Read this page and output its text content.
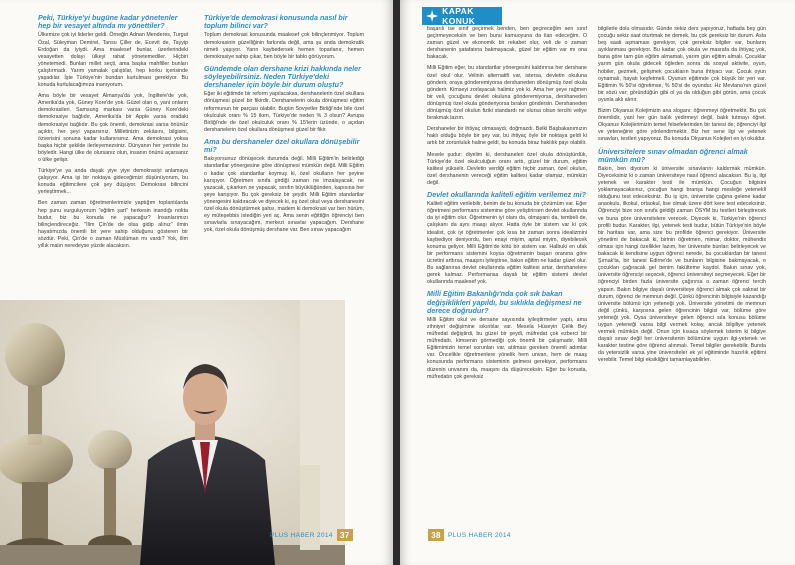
Peki, Türkiye'yi bugüne kadar yönetenler hep bir vesayet altında mı yönettiler?

Ülkemize çok iyi liderler geldi. Örneğin Adnan Menderes, Turgut Özal, Süleyman Demirel, Tansu Çiller de, Ecevit de, Tayyip Erdoğan da iyiydi. Ama maalesef bunlar, üzerlerindeki vesayetten dolayı ülkeyi rahat yönetemediler. Hiçbiri yönetemedi. Bunları millet seçti, ama başka mahfiller bunları çalıştırmadı. Yarım yamalak çalıştılar, hep korku içerisinde yaşadılar. İşte Türkiye'nin bundan kurtulması gerekiyor. Bu konuda kurtulacağımıza inanıyorum.

Ama böyle bir vesayet Almanya'da yok, İngiltere'de yok, Amerika'da yok, Güney Kore'de yok. Güzel olan o, yani onların demokrasileri. Samsung markası varsa Güney Kore'deki demokrasiye bağlıdır, Amerika'da bir Apple varsa oradaki demokrasiye bağlıdır. Bu çok önemli, demokrasi varsa önünüz açıktır, her şeyi yaparsınız. Milletinizin zekâsını, bilgisini, özverisini sonuna kadar kullanırsınız. Ama demokrasi yoksa başka hiçbir şekilde ilerleyemezsiniz. Dünyanın her yerinde bu böyledir. Hangi ülke de olursanız olun, insanın önünü açarsanız o ülke gelişir.

Türkiye'ye ya anda dayak yiye yiye demokrasiyi anlamaya çalışıyor. Ama işi bir noktaya gideceğimizi düşünüyorum, bu konuda eğitimcilere çok şey düşüyor. Demokrasi bilincini yerleştirmek...

Ben zaman zaman öğretmenlerimizle yaptığım toplantılarda hep şunu vurguluyorum "eğitim şart" herkesin inandığı nokta budur, biz bu konuda ne yapacağız? İnsanlarımızı bilinçlendireceğiz. "İlim Çin'de de olsa gidip alınız" ilmin hayatımızda önemli bir yere sahip olduğunu gösteren bir sözdür. Peki, Çin'de o zaman Müslüman mı vardı? Yok, ilim yıllık malın neredeyse yüzde alacaksın.

Türkiye'de demokrasi konusunda nasıl bir toplum bilinci var?

Toplum demokrasi konusunda maalesef çok bilinçlenmiyor. Toplum demokrasinin güzelliğinin farkında değil, ama şu anda demokratik nimeti yaşıyor. Yarın kaybedersek hemen toparlanır, hemen demokrasiye sahip çıkar, ben böyle bir tablo görüyorum.

Gündemde olan dershane krizi hakkında neler söyleyebilirsiniz. Neden Türkiye'deki dershaneler için böyle bir durum oluştu?

Eğer iki eğitimde bir reform yapılacaksa, dershanelerin özel okullara dönüşmesi güzel bir fikirdir. Dershanelerin okula dönüşmesi eğitim reformunun bir parçası olabilir. Bugün Sovyetler Birliği'nde bile özel okulculuk oranı % 15 iken, Türkiye'de neden % 3 olsun? Avrupa Birliği'nde de özel okulculuk oranı % 15'lerin üzünde, o açıdan dershanelerin özel okullara dönüşmesi güzel bir fikir.

Ama bu dershaneler özel okullara dönüşebilir mi?

Bakıyorsunuz dönüşecek durumda değil. Milli Eğitim'in belirlediği standartlar yönergesine göre dönüşmesi mümkün değil. Milli Eğitim o kadar çok standartlar koymuş ki, özel okulların her şeyine karışıyor. Öğretmen sınıfa girdiği zaman ne imzalayacak, ne yazacak, çıkarken ne yapacak, sınıfın büyüklüğünden, kapısına her şeye karışıyor. Bu çok gereksiz bir şeydir. Milli Eğitim standartlar yönergesini kaldıracak ve diyecek ki, eş özel okul veya dershanesini özel okula dönüştürmek şahsı, madem ki demokrasi var ben hürüm, ey müteşebbis istediğin yeri aç. Ama senin eğittiğin öğrenciyi ben sınavlarla sınayacağım, merkezi sınavlar yapacağım. Dershane yok, özel okula dönüşmüş dershane var. Ben sınav yapacağım

PLUS HABER 2014 37
KAPAK KONUK

başarılı ise sınıf geçirmek benden, ben geçireceğim sen sınıf geçirmeyeceksin ve ben bunu kamuoyuna da ilan edeceğim. O zaman güzel ve ekonomik bir rekabet olur, veli de o zaman dershanenin şatafatına bakmayacak, güzel bir eğitim var mı ona bakacak.

Milli Eğitim eğer, bu standartlar yönergesini kaldırırsa her dershane özel okul olur. Velinin alternatifi var, istersa, devletin okuluna gönderir, oraya gönderemiyorsa dershaneden dönüşmüş özel okula gönderir. Kimseyi zorlayacak halimiz yok ki. Ama her şeye rağmen bir veli, çocuğunu devlet okuluna gönderemiyorsa, dershaneden dönüşmüş özel okula gönderiyorsa bırakın göndersin. Dershaneden dönüşmüş özel okulun fiziki standardı ne olursa olsun tercihi veliye bırakmak lazım.

Dershaneler bir ihtiyaç olmasaydı, doğmazdı. Belki Başbakanımızın haklı olduğu böyle bir şey var, bu ihtiyaç öyle bir noktaya geldi ki artık bir zorunluluk haline geldi, bu konuda biraz haklılık payı olabilir.

Mesele şudur: diyelim ki, dershaneleri özel okula dönüştürdük, Türkiye'de özel okulculuğun oranı arttı, güzel bir durum, eğitim kalitesi yükselir. Devletin verdiği eğitim hiçbir zaman, özel okulun, özel dershanenin vereceği eğitim kalitesi kadar olamaz, mümkün değil.

Devlet okullarında kaliteli eğitim verilemez mi?

Kaliteli eğitim verilebilir, benim de bu konuda bir çözümüm var. Eğer öğretmeni performans sistemine göre yetiştirirsen devlet okullarında da iyi eğitim olur. Öğretmenin iyi olanı da, olmayanı da, tembeli de, çalışkanı da aynı maaşı alıyor. Hatta öyle bir sistem var ki çok idealist, çok iyi öğretmenler çok kısa bir zaman sonra idealizmini kaybediyor deniyordu, ben enayi miyim, aptal miyim, diyebilecek konuma geliyor. Milli Eğitim'de kötü bir sistem var. Halbuki en ufak bir performans sistemini koysa öğretmenin başarı oranına göre ücretini arttırsa, maaşını iyileştirse, bakın eğitim ne kadar güzel olur. Bu sağlanırsa devlet okullarında eğitim kalitesi artar, dershanelere gerek kalmaz. Performansa dayalı bir eğitim sistemi devlet okullarında maalesef yok.

Milli Eğitim Bakanlığı'nda çok sık bakan değişiklikleri yapıldı, bu sıklıkla değişmesi ne derece doğrudur?

Milli Eğitim okul ve dersane sayısında iyileştirmeler yaptı, ama zihniyet değişimine sıkıntılar var. Mesela Hüseyin Çelik Bey müfredat değiştirdi, bu güzel bir şeydi, müfredat çok ezberci bir müfredattı, kimsenin görmediği çok önemli bir çalışmadır. Milli Eğitimimizin temel sorunları var, atılması gereken önemli adımlar var. Öncelikle öğretmenlere yönelik hem unvan, hem de maaş konusunda performans sisteminin gelmesi gerekiyor, performans düzenin unvanını da, maaşını da düşüreceksin. Eğer bu konuda, müfredatın çok gereksiz

bilgilerle dolu olmasıdır. Günde sekiz ders yapıyoruz, haftada beş gün çocuğu sekiz saat oturtmak ne demek, bu çok gereksiz bir durum. Asla beş saati aşmaması gerekiyor, çok gereksiz bilgiler var, bunların ayıklanması gerekiyor. Bu kadar çok okula ve masrafa da ihtiyaç yok, bana göre tam gün eğitim almamalı, yarım gün eğitim almalı. Çocuklar yarım gün okula gidecek öğleden sonra da sosyal aktivite, oyun, hobiler, gezmek, gelişmek çocukların buna ihtiyacı var. Çocuk oyun oynamalı, hayatı keşfetmeli. Oyunun eğitimde çok büyük bir yeri var. Eğitimin % 50'si öğretimse, % 50'si de oyundur. Hz Mevlana'nın güzel bir sözü var; göründüğün gibi ol ya da olduğun gibi görün, ama çocuk oyunla aklı alınır.

Bizim Okyanus Kolejimizin ana sloganı: öğrenmeyi öğretmektir. Bu çok önemlidir, yani her gün balık yedirmeyi değil, balık tutmayı öğret. Okyanus Kolejlerimizin temel felsefelerinden bir tanesi de; öğrenciyi ilgi ve yeteneğine göre yönlendirmektir. Biz her sene ilgi ve yetenek sınavları, testleri yapıyoruz. Bu konuda Okyanus Kolejleri en iyi okuldur.

Üniversitelere sınav olmadan öğrenci almak mümkün mü?

Bakın, ben diyorum ki üniversite sınavlarını kaldırmak mümkün. Diyeceksiniz ki o zaman üniversiteye nasıl öğrenci alacaksın. Bu iş, ilgi yetenek ve karakter testi ile mümkün. Çocuğun bilgisini yoklamayacaksınız, çocuğun hangi branşa hangi mesleğe yetenekli olduğunu test edeceksiniz. Bu iş için, üniversite çağına gelene kadar anaokulu, ilkokul, ortaokul, lise olmak üzere dört kere test edeceksiniz. Öğrenciyi bize son sınıfa geldiği zaman ÖSYM bu testleri birleştirecek ve buna göre üniversitelere verecek. Diyecek ki, Türkiye'nin öğrenci profili budur. Karakter, ilgi, yetenek testi budur, bütün Türkiye'nin böyle bir haritası var, ama size bu profilde öğrenci gerekiyor. Üniversite yönetimi de bakacak ki, birinin öğretmen, mimar, doktor, mühendis olması için hangi özellikler lazım, her üniversite bunları belirleyecek ve bakacak ki kendisine uygun öğrenci nerede, bu çocuklardan bir tanesi Şırnak'ta, bir tanesi Edirne'de ve bunların bilgisine bakmayacak, o çocukları çağıracak gel benim fakülteme kaydol. Bakın sınav yok, üniversite öğrenciyi seçecek, öğrenci üniversiteyi seçmeyecek. Eğer bir öğrenciyi birden fazla üniversite çağırırsa o zaman öğrenci tercih yapsın. Bakın bilgiye dayalı üniversiteye öğrenci almak çok saknat bir durum, öğrenci de memnun değil. Çünkü öğrencinin bilgisiyle kazandığı üniversite bölümü için yeteneği yok. Üniversite yönetimi de memnun değil çünkü, karşısına gelen öğrencinin bilgisi var, bölüme göre yeteneği yok. Oysa üniversiteye gelen öğrenci sıla konusu bölüme uygun yeteneği varsa bilgi vermek kolay, ancak bilgiliye yetenek vermek mümkün değil. Onun için kısaca söylemek isterim ki bilgiye dayalı sınav değil her üniversitenin bölümüne uygun ilgi-yetenek ve karakter testine göre öğrenci alınmalı. Temel bilgiler gerekebilir. Bunda da yetersizlik varsa yine üniversiteler ek yıl eğitiminde hazırlık eğitimi verebilir. Temel bilgi eksikliğini tamamlayabilirler.

38	PLUS HABER 2014
